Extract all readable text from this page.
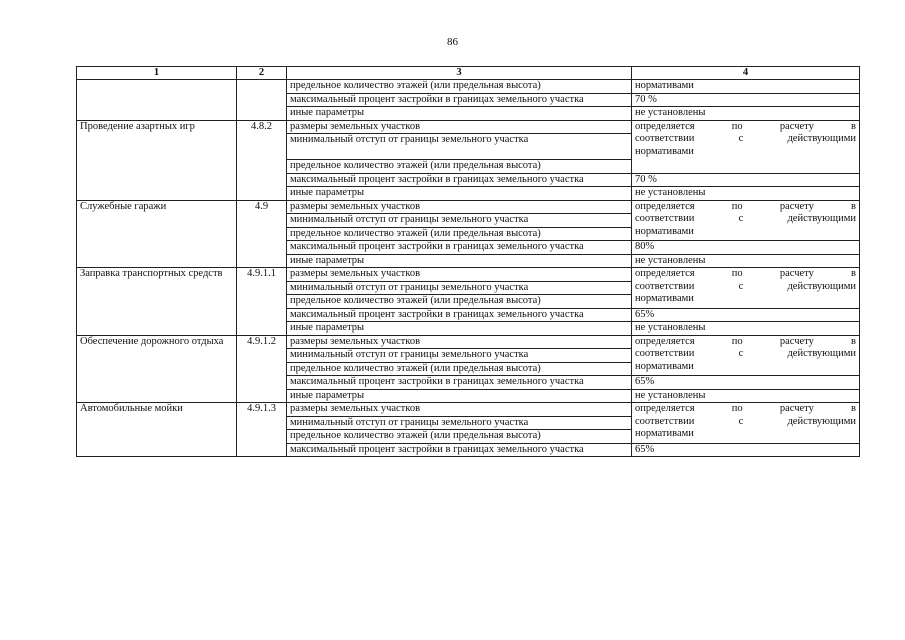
86
1	2	3	4
		предельное количество этажей (или предельная высота)	нормативами
		максимальный процент застройки в границах земельного участка	70 %
		иные параметры	не установлены
Проведение азартных игр	4.8.2	размеры земельных участков	определяется по расчету в
соответствии с действующими
нормативами

		минимальный отступ от границы земельного участка	
		предельное количество этажей (или предельная высота)	
		максимальный процент застройки в границах земельного участка	70 %
		иные параметры	не установлены
Служебные гаражи	4.9	размеры земельных участков	определяется по расчету в
соответствии с действующими
нормативами

		минимальный отступ от границы земельного участка	
		предельное количество этажей (или предельная высота)	
		максимальный процент застройки в границах земельного участка	80%
		иные параметры	не установлены
Заправка транспортных средств	4.9.1.1	размеры земельных участков	определяется по расчету в
соответствии с действующими
нормативами

		минимальный отступ от границы земельного участка	
		предельное количество этажей (или предельная высота)	
		максимальный процент застройки в границах земельного участка	65%
		иные параметры	не установлены
Обеспечение дорожного отдыха	4.9.1.2	размеры земельных участков	определяется по расчету в
соответствии с действующими
нормативами

		минимальный отступ от границы земельного участка	
		предельное количество этажей (или предельная высота)	
		максимальный процент застройки в границах земельного участка	65%
		иные параметры	не установлены
Автомобильные мойки	4.9.1.3	размеры земельных участков	определяется по расчету в
соответствии с действующими
нормативами

		минимальный отступ от границы земельного участка	
		предельное количество этажей (или предельная высота)	
		максимальный процент застройки в границах земельного участка	65%
